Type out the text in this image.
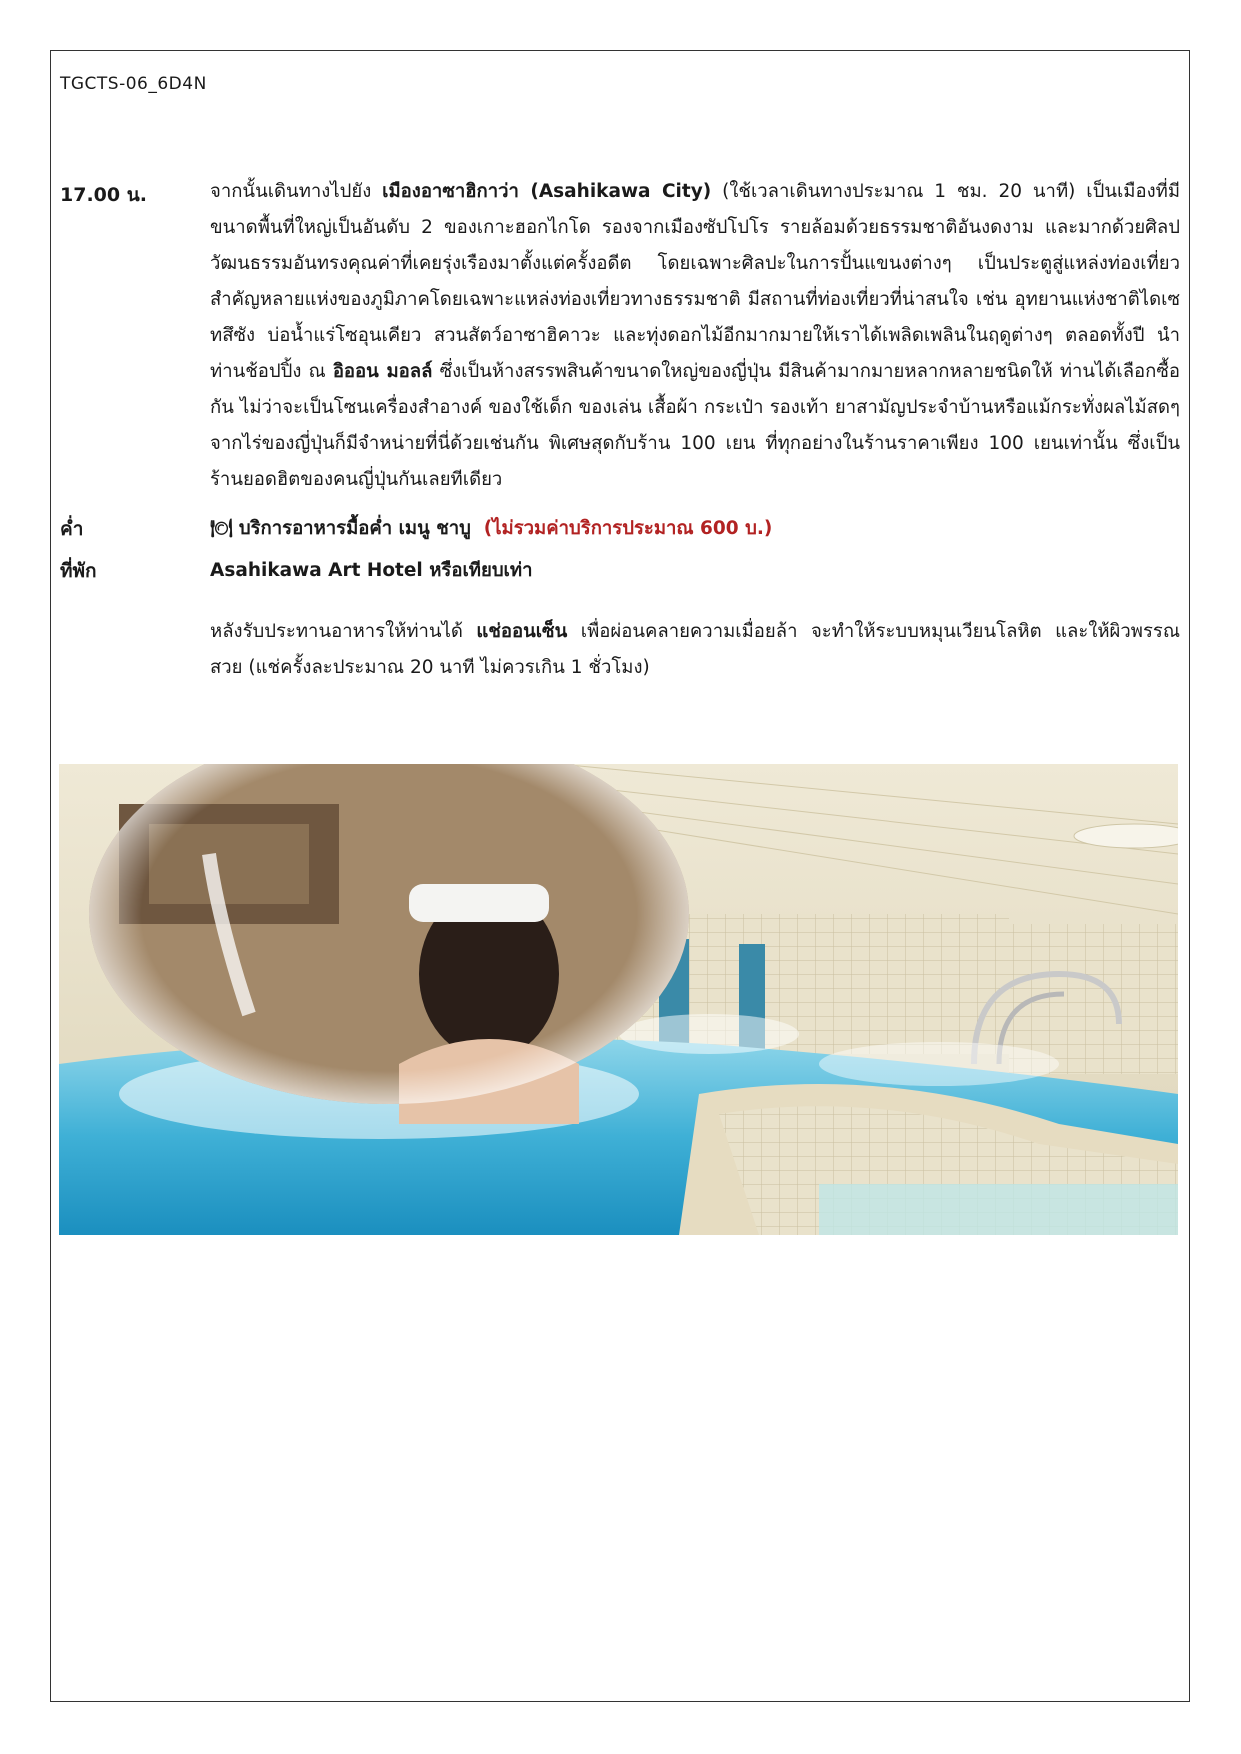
TGCTS-06_6D4N
17.00 น.	จากนั้นเดินทางไปยัง เมืองอาซาฮิกาว่า (Asahikawa City) (ใช้เวลาเดินทางประมาณ 1 ชม. 20 นาที) เป็นเมืองที่มีขนาดพื้นที่ใหญ่เป็นอันดับ 2 ของเกาะฮอกไกโด รองจากเมืองซัปโปโร รายล้อมด้วยธรรมชาติอันงดงาม และมากด้วยศิลปวัฒนธรรมอันทรงคุณค่าที่เคยรุ่งเรืองมาตั้งแต่ครั้งอดีต โดยเฉพาะศิลปะในการปั้นแขนงต่างๆ เป็นประตูสู่แหล่งท่องเที่ยวสำคัญหลายแห่งของภูมิภาคโดยเฉพาะแหล่งท่องเที่ยวทางธรรมชาติ มีสถานที่ท่องเที่ยวที่น่าสนใจ เช่น อุทยานแห่งชาติไดเซทสึซัง บ่อน้ำแร่โซอุนเคียว สวนสัตว์อาซาฮิคาวะ และทุ่งดอกไม้อีกมากมายให้เราได้เพลิดเพลินในฤดูต่างๆ ตลอดทั้งปี นำท่านช้อปปิ้ง ณ อิออน มอลล์ ซึ่งเป็นห้างสรรพสินค้าขนาดใหญ่ของญี่ปุ่น มีสินค้ามากมายหลากหลายชนิดให้ ท่านได้เลือกซื้อกัน ไม่ว่าจะเป็นโซนเครื่องสำอางค์ ของใช้เด็ก ของเล่น เสื้อผ้า กระเป๋า รองเท้า ยาสามัญประจำบ้านหรือแม้กระทั่งผลไม้สดๆจากไร่ของญี่ปุ่นก็มีจำหน่ายที่นี่ด้วยเช่นกัน พิเศษสุดกับร้าน 100 เยน ที่ทุกอย่างในร้านราคาเพียง 100 เยนเท่านั้น ซึ่งเป็นร้านยอดฮิตของคนญี่ปุ่นกันเลยทีเดียว

ค่ำ	🍽 บริการอาหารมื้อค่ำ เมนู ชาบู (ไม่รวมค่าบริการประมาณ 600 บ.)
ที่พัก	Asahikawa Art Hotel หรือเทียบเท่า

หลังรับประทานอาหารให้ท่านได้ แช่ออนเซ็น เพื่อผ่อนคลายความเมื่อยล้า จะทำให้ระบบหมุนเวียนโลหิต และให้ผิวพรรณสวย (แช่ครั้งละประมาณ 20 นาที ไม่ควรเกิน 1 ชั่วโมง)
